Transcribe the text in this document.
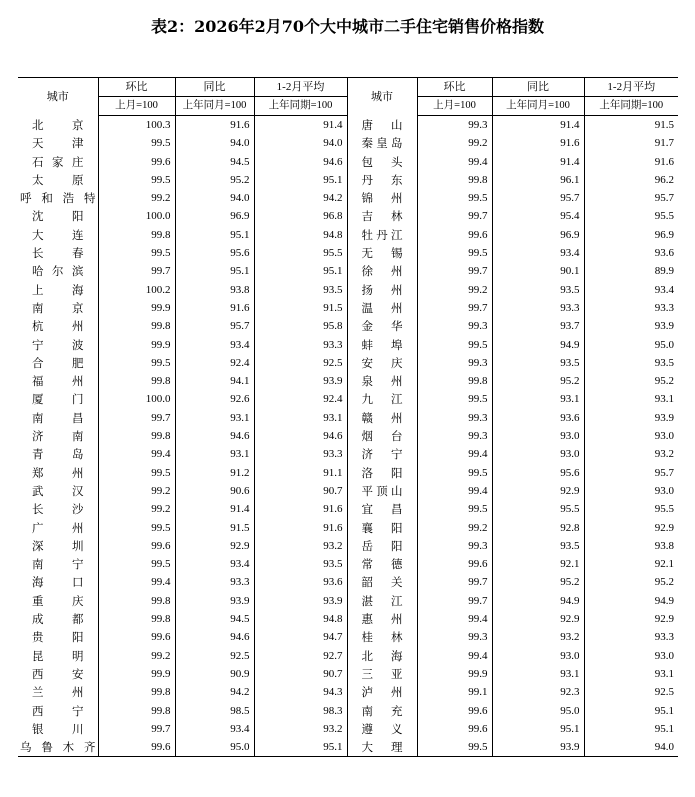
表2：2026年2月70个大中城市二手住宅销售价格指数
城市	环比	同比	1-2月平均	城市	环比	同比	1-2月平均
	上月=100	上年同月=100	上年同期=100		上月=100	上年同月=100	上年同期=100
北京	100.3	91.6	91.4	唐山	99.3	91.4	91.5
天津	99.5	94.0	94.0	秦皇岛	99.2	91.6	91.7
石家庄	99.6	94.5	94.6	包头	99.4	91.4	91.6
太原	99.5	95.2	95.1	丹东	99.8	96.1	96.2
呼和浩特	99.2	94.0	94.2	锦州	99.5	95.7	95.7
沈阳	100.0	96.9	96.8	吉林	99.7	95.4	95.5
大连	99.8	95.1	94.8	牡丹江	99.6	96.9	96.9
长春	99.5	95.6	95.5	无锡	99.5	93.4	93.6
哈尔滨	99.7	95.1	95.1	徐州	99.7	90.1	89.9
上海	100.2	93.8	93.5	扬州	99.2	93.5	93.4
南京	99.9	91.6	91.5	温州	99.7	93.3	93.3
杭州	99.8	95.7	95.8	金华	99.3	93.7	93.9
宁波	99.9	93.4	93.3	蚌埠	99.5	94.9	95.0
合肥	99.5	92.4	92.5	安庆	99.3	93.5	93.5
福州	99.8	94.1	93.9	泉州	99.8	95.2	95.2
厦门	100.0	92.6	92.4	九江	99.5	93.1	93.1
南昌	99.7	93.1	93.1	赣州	99.3	93.6	93.9
济南	99.8	94.6	94.6	烟台	99.3	93.0	93.0
青岛	99.4	93.1	93.3	济宁	99.4	93.0	93.2
郑州	99.5	91.2	91.1	洛阳	99.5	95.6	95.7
武汉	99.2	90.6	90.7	平顶山	99.4	92.9	93.0
长沙	99.2	91.4	91.6	宜昌	99.5	95.5	95.5
广州	99.5	91.5	91.6	襄阳	99.2	92.8	92.9
深圳	99.6	92.9	93.2	岳阳	99.3	93.5	93.8
南宁	99.5	93.4	93.5	常德	99.6	92.1	92.1
海口	99.4	93.3	93.6	韶关	99.7	95.2	95.2
重庆	99.8	93.9	93.9	湛江	99.7	94.9	94.9
成都	99.8	94.5	94.8	惠州	99.4	92.9	92.9
贵阳	99.6	94.6	94.7	桂林	99.3	93.2	93.3
昆明	99.2	92.5	92.7	北海	99.4	93.0	93.0
西安	99.9	90.9	90.7	三亚	99.9	93.1	93.1
兰州	99.8	94.2	94.3	泸州	99.1	92.3	92.5
西宁	99.8	98.5	98.3	南充	99.6	95.0	95.1
银川	99.7	93.4	93.2	遵义	99.6	95.1	95.1
乌鲁木齐	99.6	95.0	95.1	大理	99.5	93.9	94.0
